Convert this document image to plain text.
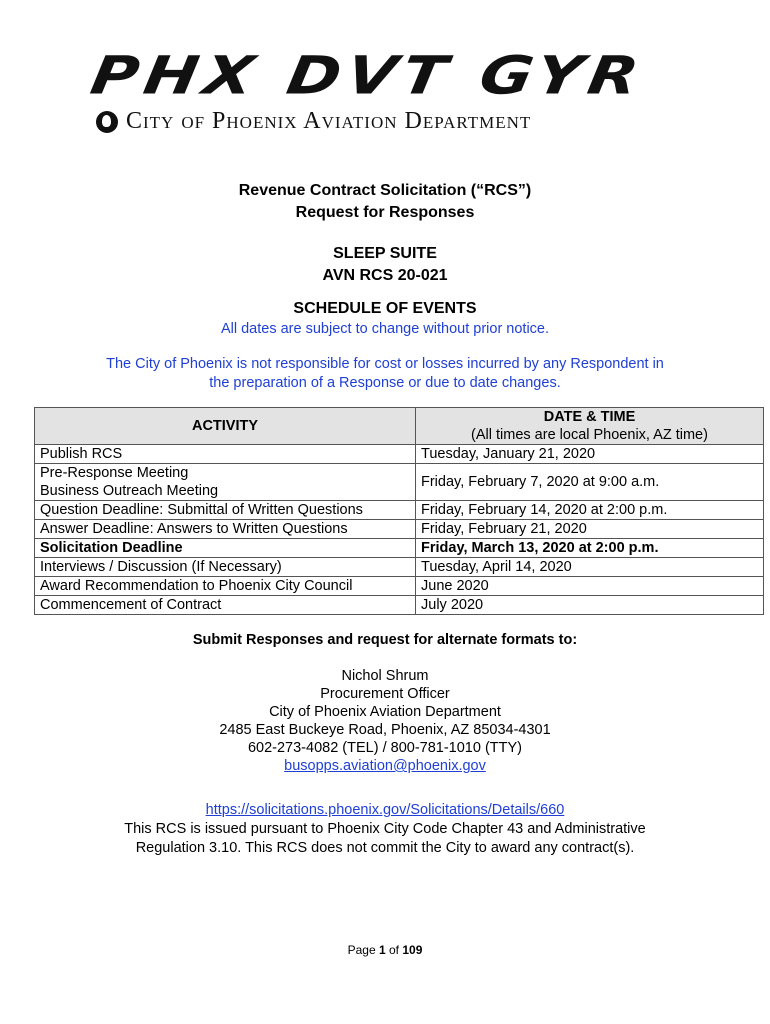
PHX DVT GYR
City of Phoenix Aviation Department
Revenue Contract Solicitation (“RCS”)
Request for Responses
SLEEP SUITE
AVN RCS 20-021
SCHEDULE OF EVENTS
All dates are subject to change without prior notice.
The City of Phoenix is not responsible for cost or losses incurred by any Respondent in
the preparation of a Response or due to date changes.
ACTIVITY	DATE & TIME
(All times are local Phoenix, AZ time)

Publish RCS	Tuesday, January 21, 2020

Pre-Response Meeting
Business Outreach Meeting	Friday, February 7, 2020 at 9:00 a.m.
Question Deadline: Submittal of Written Questions	Friday, February 14, 2020 at 2:00 p.m.
Answer Deadline: Answers to Written Questions	Friday, February 21, 2020
Solicitation Deadline	Friday, March 13, 2020 at 2:00 p.m.
Interviews / Discussion (If Necessary)	Tuesday, April 14, 2020
Award Recommendation to Phoenix City Council	June 2020
Commencement of Contract	July 2020
Submit Responses and request for alternate formats to:
Nichol Shrum
Procurement Officer
City of Phoenix Aviation Department
2485 East Buckeye Road, Phoenix, AZ 85034-4301
602-273-4082 (TEL) / 800-781-1010 (TTY)
busopps.aviation@phoenix.gov
https://solicitations.phoenix.gov/Solicitations/Details/660
This RCS is issued pursuant to Phoenix City Code Chapter 43 and Administrative
Regulation 3.10. This RCS does not commit the City to award any contract(s).
Page 1 of 109
